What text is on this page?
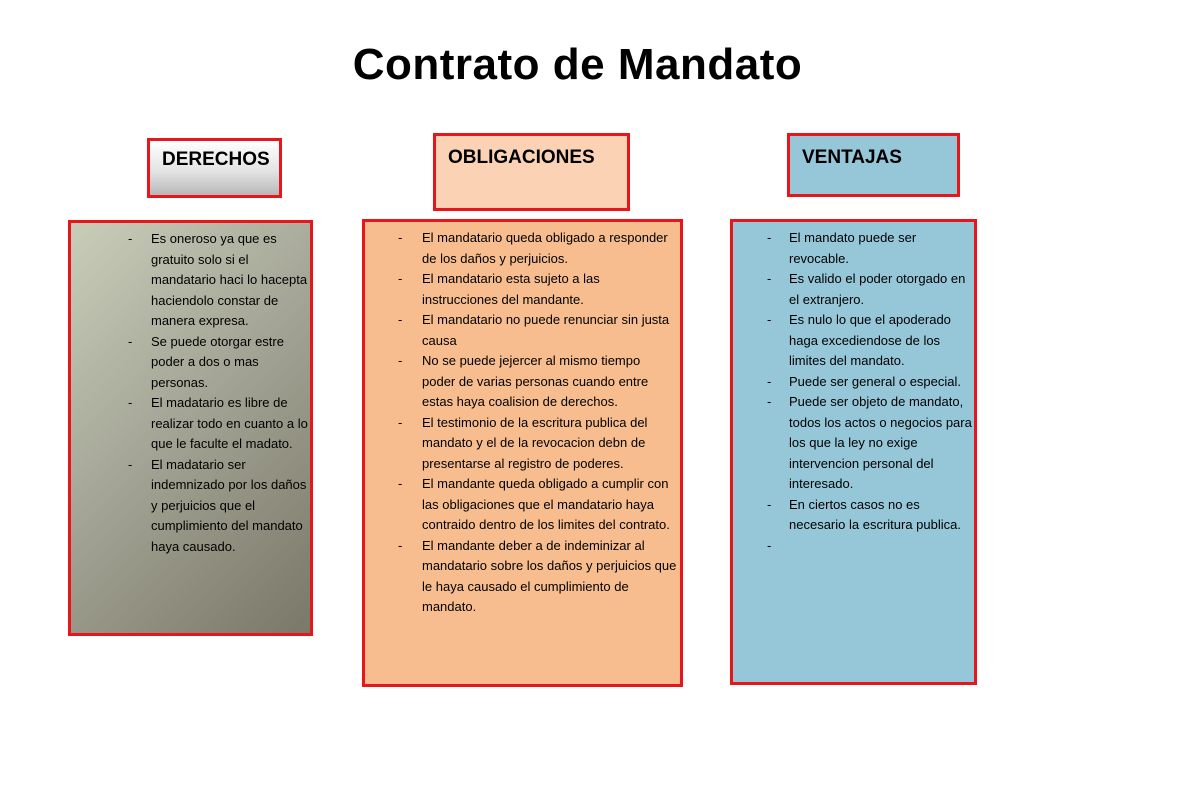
Contrato de Mandato
DERECHOS	OBLIGACIONES	VENTAJAS
- Es oneroso ya que es gratuito solo si el mandatario haci lo hacepta haciendolo constar de manera expresa.
- Se puede otorgar estre poder a dos o mas personas.
- El madatario es libre de realizar todo en cuanto a lo que le faculte el madato.
- El madatario ser indemnizado por los daños y perjuicios que el cumplimiento del mandato haya causado.
- El mandatario queda obligado a responder de los daños y perjuicios.
- El mandatario esta sujeto a las instrucciones del mandante.
- El mandatario no puede renunciar sin justa causa
- No se puede jejercer al mismo tiempo poder de varias personas cuando entre estas haya coalision de derechos.
- El testimonio de la escritura publica del mandato y el de la revocacion debn de presentarse al registro de poderes.
- El mandante queda obligado a cumplir con las obligaciones que el mandatario haya contraido dentro de los limites del contrato.
- El mandante deber a de indeminizar al mandatario sobre los daños y perjuicios que le haya causado el cumplimiento de mandato.
- El mandato puede ser revocable.
- Es valido el poder otorgado en el extranjero.
- Es nulo lo que el apoderado haga excediendose de los limites del mandato.
- Puede ser general o especial.
- Puede ser objeto de mandato, todos los actos o negocios para los que la ley no exige intervencion personal del interesado.
- En ciertos casos no es necesario la escritura publica.
-
